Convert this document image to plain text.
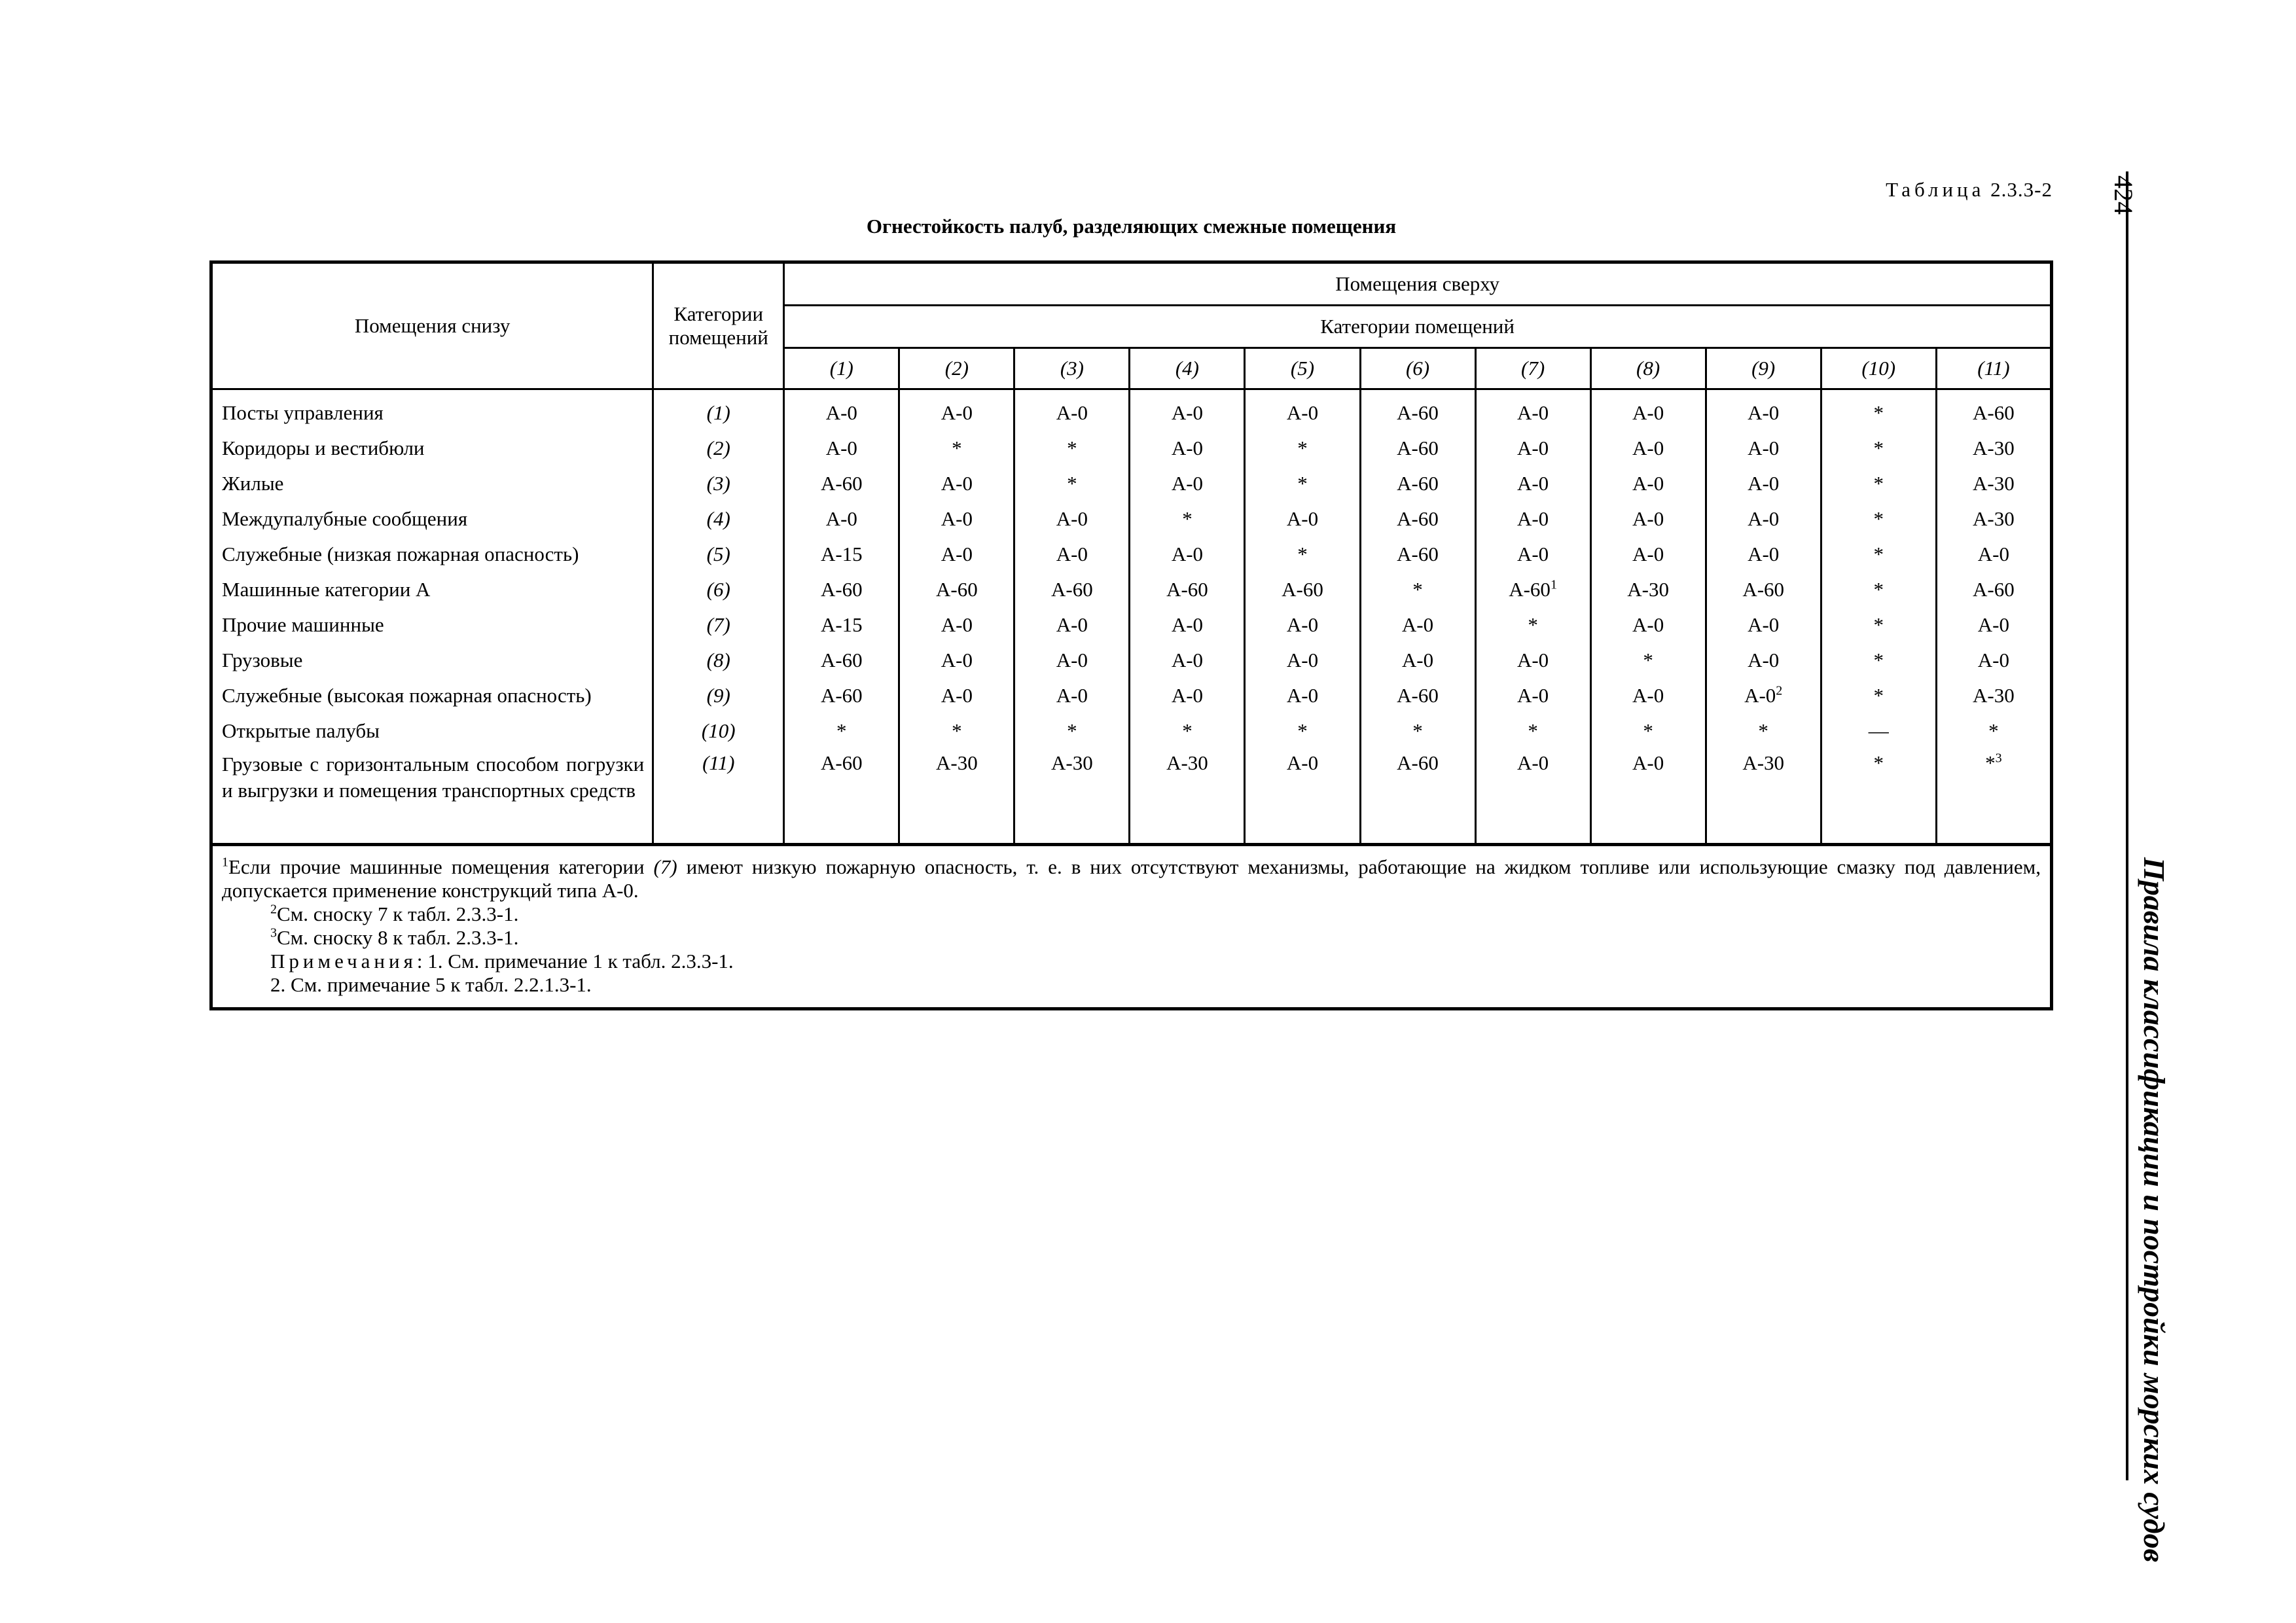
Таблица 2.3.3-2
Огнестойкость палуб, разделяющих смежные помещения
Помещения снизу	Категории помещений	Помещения сверху										
		Категории помещений										
		(1)	(2)	(3)	(4)	(5)	(6)	(7)	(8)	(9)	(10)	(11)
Посты управления	(1)	A-0	A-0	A-0	A-0	A-0	A-60	A-0	A-0	A-0	*	A-60
Коридоры и вестибюли	(2)	A-0	*	*	A-0	*	A-60	A-0	A-0	A-0	*	A-30
Жилые	(3)	A-60	A-0	*	A-0	*	A-60	A-0	A-0	A-0	*	A-30
Междупалубные сообщения	(4)	A-0	A-0	A-0	*	A-0	A-60	A-0	A-0	A-0	*	A-30
Служебные (низкая пожарная опасность)	(5)	A-15	A-0	A-0	A-0	*	A-60	A-0	A-0	A-0	*	A-0
Машинные категории А	(6)	A-60	A-60	A-60	A-60	A-60	*	$A-60^1$	A-30	A-60	*	A-60
Прочие машинные	(7)	A-15	A-0	A-0	A-0	A-0	A-0	*	A-0	A-0	*	A-0
Грузовые	(8)	A-60	A-0	A-0	A-0	A-0	A-0	A-0	*	A-0	*	A-0
Служебные (высокая пожарная опасность)	(9)	A-60	A-0	A-0	A-0	A-0	A-60	A-0	A-0	$A-0^2$	*	A-30
Открытые палубы	(10)	*	*	*	*	*	*	*	*	*	—	*
Грузовые с горизонтальным способом погрузки и выгрузки и помещения транспортных средств	(11)	A-60	A-30	A-30	A-30	A-0	A-60	A-0	A-0	A-30	*	*$^3$

$^1$Если прочие машинные помещения категории (7) имеют низкую пожарную опасность, т. е. в них отсутствуют механизмы, работающие на жидком топливе или использующие смазку под давлением, допускается применение конструкций типа A-0.
$^2$См. сноску 7 к табл. 2.3.3-1.
$^3$См. сноску 8 к табл. 2.3.3-1.
Примечания: 1. См. примечание 1 к табл. 2.3.3-1.
2. См. примечание 5 к табл. 2.2.1.3-1.												
424
Правила классификации и постройки морских судов
